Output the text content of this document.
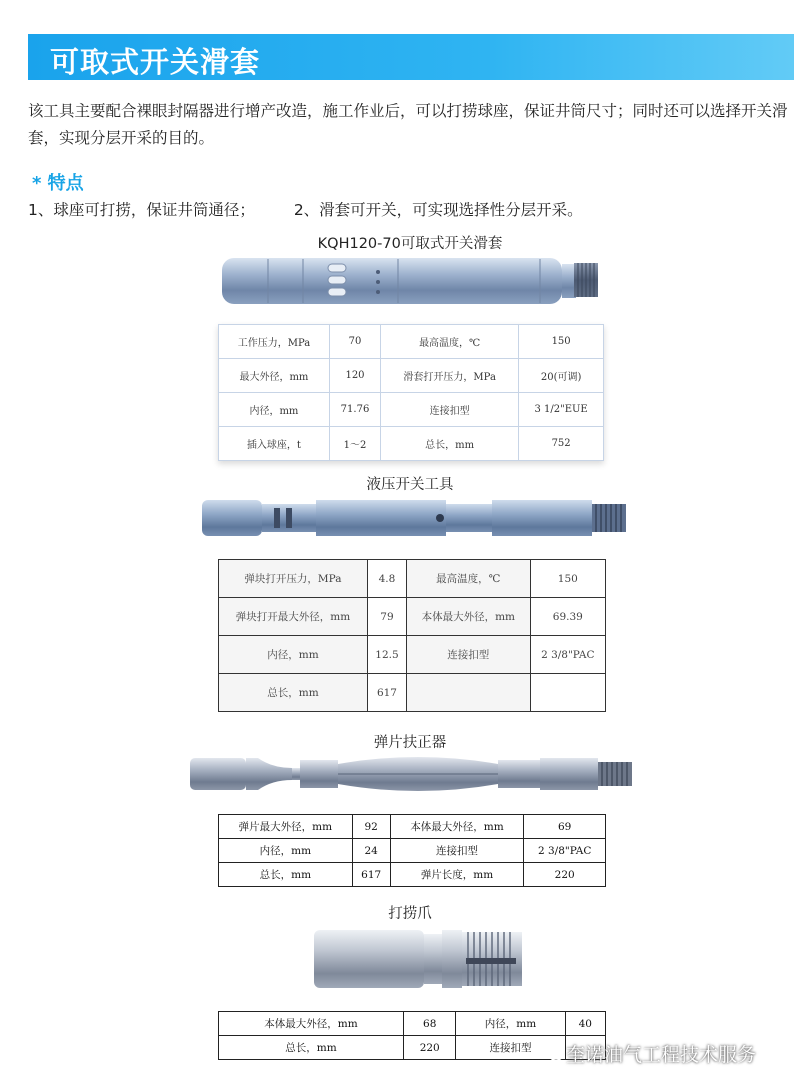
可取式开关滑套
该工具主要配合裸眼封隔器进行增产改造，施工作业后，可以打捞球座，保证井筒尺寸；同时还可以选择开关滑套，实现分层开采的目的。
* 特点
1、球座可打捞，保证井筒通径；	2、滑套可开关，可实现选择性分层开采。
KQH120-70可取式开关滑套
工作压力，MPa	70	最高温度，℃	150
最大外径，mm	120	滑套打开压力，MPa	20(可调)
内径，mm	71.76	连接扣型	3 1/2"EUE
插入球座，t	1～2	总长，mm	752
液压开关工具
弹块打开压力，MPa	4.8	最高温度，℃	150
弹块打开最大外径，mm	79	本体最大外径，mm	69.39
内径，mm	12.5	连接扣型	2 3/8"PAC
总长，mm	617		
弹片扶正器
弹片最大外径，mm	92	本体最大外径，mm	69
内径，mm	24	连接扣型	2 3/8"PAC
总长，mm	617	弹片长度，mm	220
打捞爪
本体最大外径，mm	68	内径，mm	40
总长，mm	220	连接扣型	奎诺油气工程技术服务
